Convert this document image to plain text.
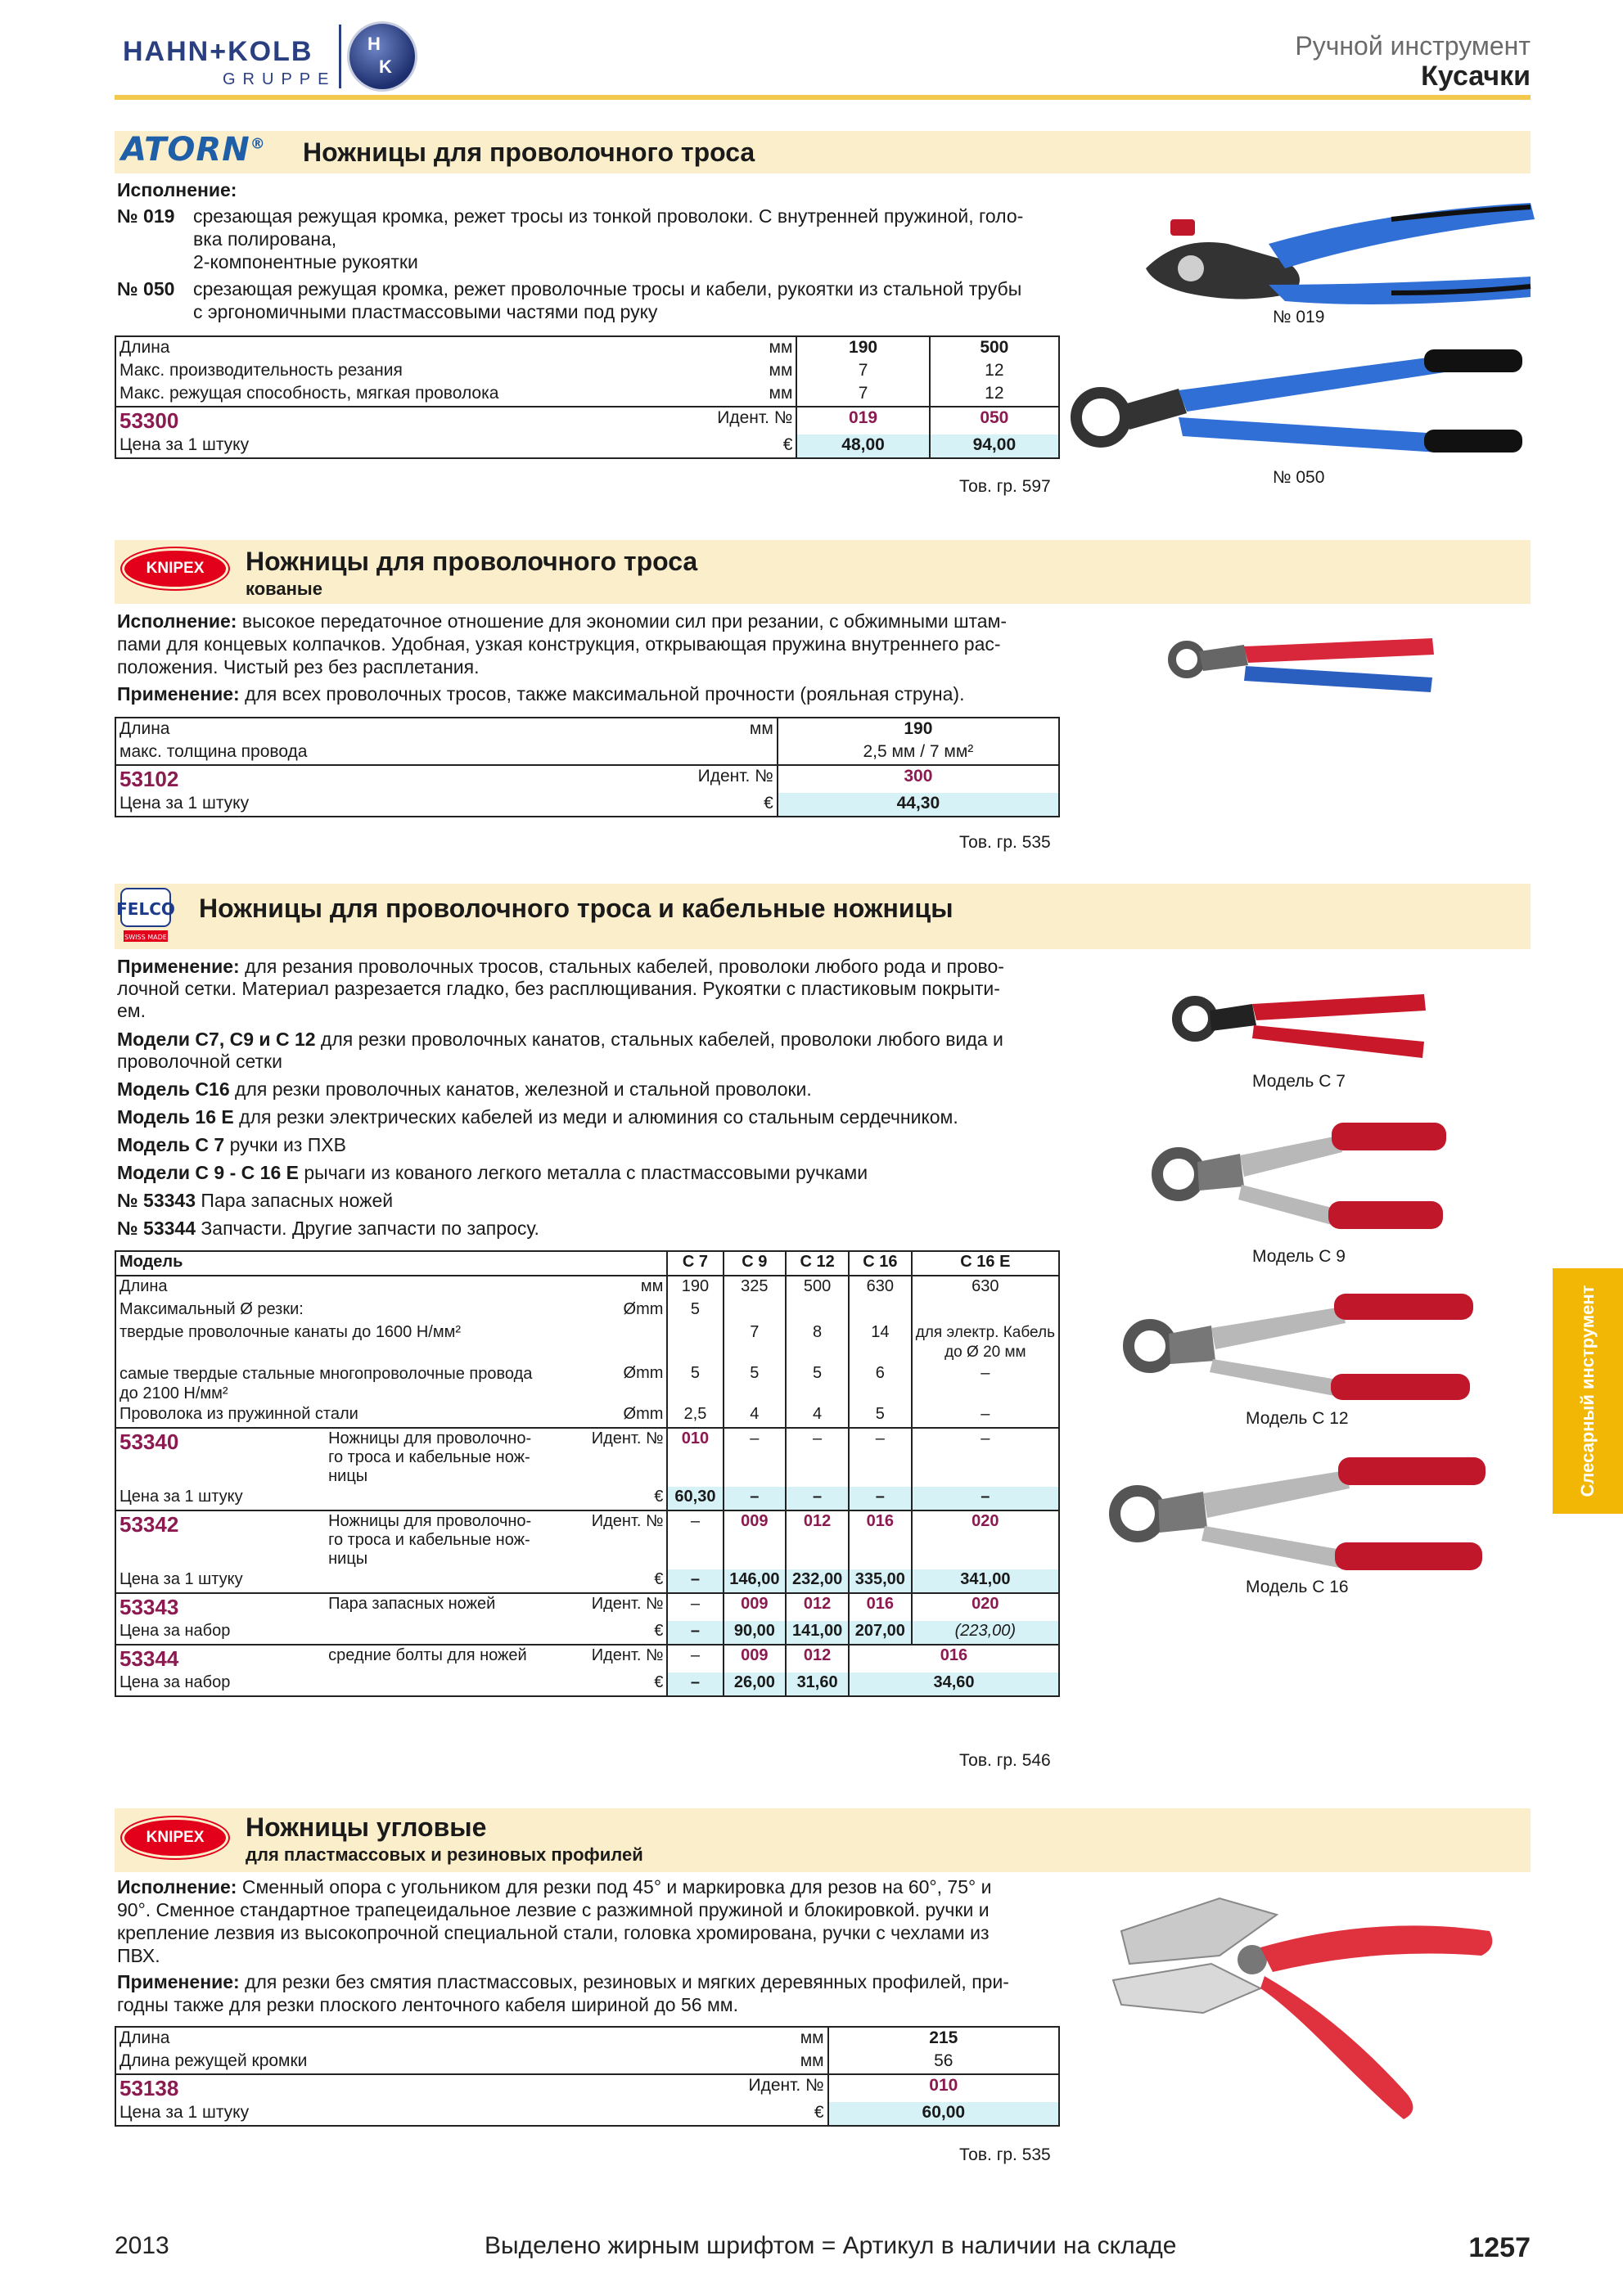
HAHN+KOLB
GRUPPE
H
K
Ручной инструмент
Кусачки
ATORN® Ножницы для проволочного троса
Исполнение:
№ 019 срезающая режущая кромка, режет тросы из тонкой проволоки. С внутренней пружиной, голо-
вка полирована,
2-компонентные рукоятки
№ 050 срезающая режущая кромка, режет проволочные тросы и кабели, рукоятки из стальной трубы
с эргономичными пластмассовыми частями под руку
Длина	мм	190	500
Макс. производительность резания	мм	7	12
Макс. режущая способность, мягкая проволока	мм	7	12
53300	Идент. №	019	050
Цена за 1 штуку	€	48,00	94,00
Тов. гр. 597
№ 019
№ 050
KNIPEX	Ножницы для проволочного троса
кованые
Исполнение: высокое передаточное отношение для экономии сил при резании, с обжимными штам-
пами для концевых колпачков. Удобная, узкая конструкция, открывающая пружина внутреннего рас-
положения. Чистый рез без расплетания.
Применение: для всех проволочных тросов, также максимальной прочности (рояльная струна).
Длина	мм	190
макс. толщина провода		2,5 мм / 7 мм²
53102	Идент. №	300
Цена за 1 штуку	€	44,30
Тов. гр. 535
FELCO
SWISS MADE
Ножницы для проволочного троса и кабельные ножницы
Применение: для резания проволочных тросов, стальных кабелей, проволоки любого рода и прово-
лочной сетки. Материал разрезается гладко, без расплющивания. Рукоятки с пластиковым покрыти-
ем.
Модели C7, C9 и C 12 для резки проволочных канатов, стальных кабелей, проволоки любого вида и
проволочной сетки
Модель C16 для резки проволочных канатов, железной и стальной проволоки.
Модель 16 E для резки электрических кабелей из меди и алюминия со стальным сердечником.
Модель C 7 ручки из ПХВ
Модели C 9 - C 16 E рычаги из кованого легкого металла с пластмассовыми ручками
№ 53343 Пара запасных ножей
№ 53344 Запчасти. Другие запчасти по запросу.
Модель			C 7	C 9	C 12	C 16	C 16 E
Длина		мм	190	325	500	630	630
Максимальный Ø резки:		Ømm	5				
твердые проволочные канаты до 1600 Н/мм²				7	8	14	для электр. Кабель
до Ø 20 мм

самые твердые стальные многопроволочные провода
до 2100 Н/мм²		Ømm	5	5	5	6	–
Проволока из пружинной стали		Ømm	2,5	4	4	5	–
53340	Ножницы для проволочно-
го троса и кабельные нож-
ницы	Идент. №	010	–	–	–	–
Цена за 1 штуку		€	60,30	–	–	–	–
53342	Ножницы для проволочно-
го троса и кабельные нож-
ницы	Идент. №	–	009	012	016	020
Цена за 1 штуку		€	–	146,00	232,00	335,00	341,00
53343	Пара запасных ножей	Идент. №	–	009	012	016	020
Цена за набор		€	–	90,00	141,00	207,00	(223,00)
53344	средние болты для ножей	Идент. №	–	009	012	016	
Цена за набор		€	–	26,00	31,60	34,60	
Тов. гр. 546
Модель C 7
Модель C 9
Модель C 12
Модель C 16
KNIPEX	Ножницы угловые
для пластмассовых и резиновых профилей
Исполнение: Сменный опора с угольником для резки под 45° и маркировка для резов на 60°, 75° и
90°. Сменное стандартное трапецеидальное лезвие с разжимной пружиной и блокировкой. ручки и
крепление лезвия из высокопрочной специальной стали, головка хромирована, ручки с чехлами из
ПВХ.
Применение: для резки без смятия пластмассовых, резиновых и мягких деревянных профилей, при-
годны также для резки плоского ленточного кабеля шириной до 56 мм.
Длина	мм	215
Длина режущей кромки	мм	56
53138	Идент. №	010
Цена за 1 штуку	€	60,00
Тов. гр. 535
Слесарный инструмент
2013	Выделено жирным шрифтом = Артикул в наличии на складе	1257
